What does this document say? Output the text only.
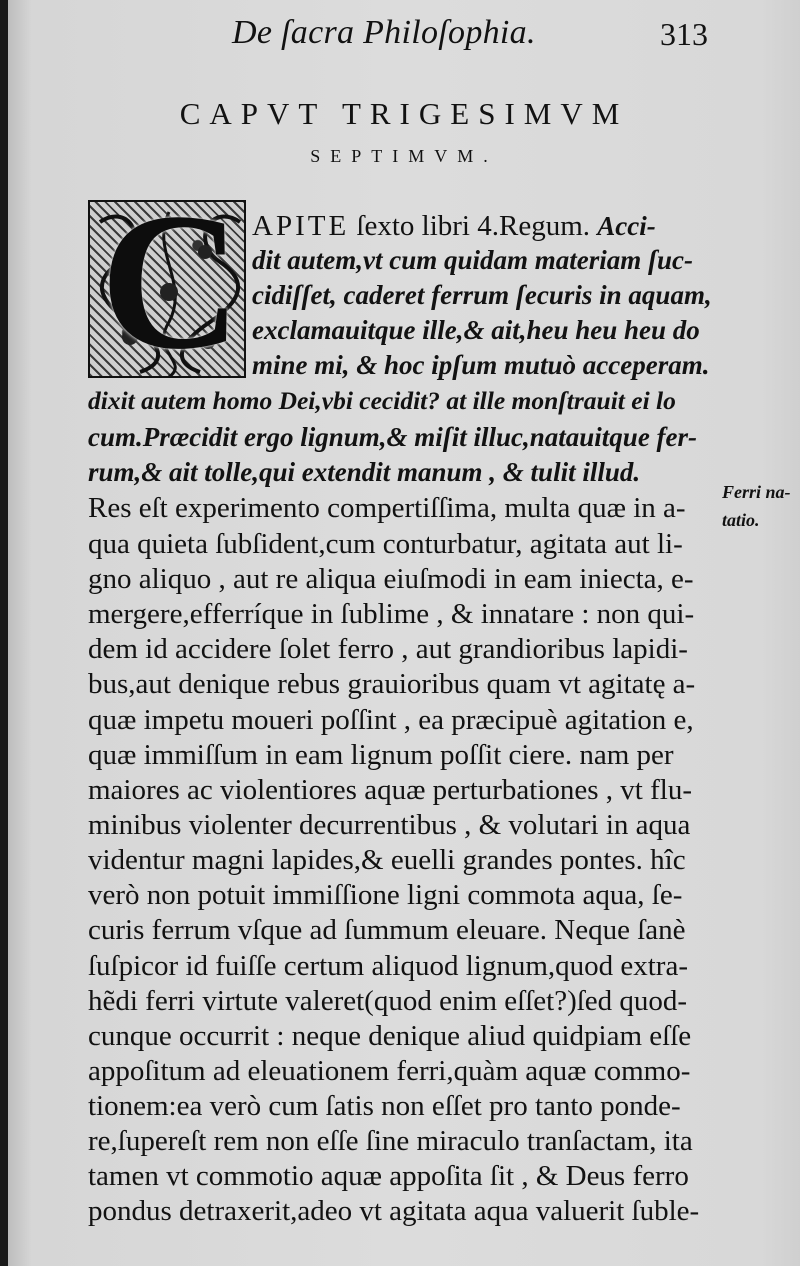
De ſacra Philoſophia.	313
CAPVT TRIGESIMVM
SEPTIMVM.
C APITE ſexto libri 4.Regum. Acci-
dit autem,vt cum quidam materiam ſuc-
cidiſſet, caderet ferrum ſecuris in aquam,
exclamauitque ille,& ait,heu heu heu do
mine mi, & hoc ipſum mutuò acceperam.
dixit autem homo Dei,vbi cecidit? at ille monſtrauit ei lo
cum.Præcidit ergo lignum,& miſit illuc,natauitque fer-
rum,& ait tolle,qui extendit manum , & tulit illud.
Res eſt experimento compertiſſima, multa quæ in a-
qua quieta ſubſident,cum conturbatur, agitata aut li-
gno aliquo , aut re aliqua eiuſmodi in eam iniecta, e-
mergere,efferríque in ſublime , & innatare : non qui-
dem id accidere ſolet ferro , aut grandioribus lapidi-
bus,aut denique rebus grauioribus quam vt agitatę a-
quæ impetu moueri poſſint , ea præcipuè agitation e,
quæ immiſſum in eam lignum poſſit ciere. nam per
maiores ac violentiores aquæ perturbationes , vt flu-
minibus violenter decurrentibus , & volutari in aqua
videntur magni lapides,& euelli grandes pontes. hîc
verò non potuit immiſſione ligni commota aqua, ſe-
curis ferrum vſque ad ſummum eleuare. Neque ſanè
ſuſpicor id fuiſſe certum aliquod lignum,quod extra-
hẽdi ferri virtute valeret(quod enim eſſet?)ſed quod-
cunque occurrit : neque denique aliud quidpiam eſſe
appoſitum ad eleuationem ferri,quàm aquæ commo-
tionem:ea verò cum ſatis non eſſet pro tanto ponde-
re,ſupereſt rem non eſſe ſine miraculo tranſactam, ita
tamen vt commotio aquæ appoſita ſit , & Deus ferro
pondus detraxerit,adeo vt agitata aqua valuerit ſuble-
Ferri na-
tatio.
